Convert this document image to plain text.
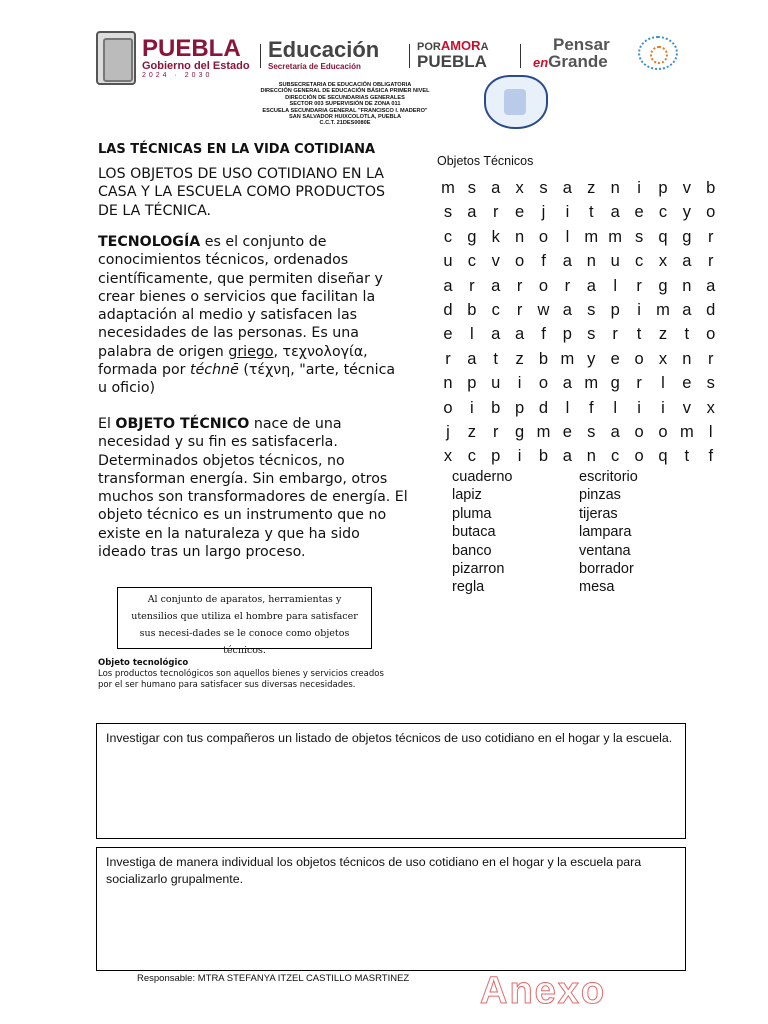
PUEBLA
Gobierno del Estado
2024 · 2030
Educación
Secretaría de Educación
PORAMORA
PUEBLA
Pensar
enGrande
SUBSECRETARIA DE EDUCACIÓN OBLIGATORIA
DIRECCIÓN GENERAL DE EDUCACIÓN BÁSICA PRIMER NIVEL
DIRECCIÓN DE SECUNDARIAS GENERALES
SECTOR 003 SUPERVISIÓN DE ZONA 011
ESCUELA SECUNDARIA GENERAL "FRANCISCO I. MADERO"
SAN SALVADOR HUIXCOLOTLA, PUEBLA
C.C.T. 21DES0080E
LAS TÉCNICAS EN LA VIDA COTIDIANA
LOS OBJETOS DE USO COTIDIANO EN LA CASA Y LA ESCUELA COMO PRODUCTOS DE LA TÉCNICA.
TECNOLOGÍA es el conjunto de conocimientos técnicos, ordenados científicamente, que permiten diseñar y crear bienes o servicios que facilitan la adaptación al medio y satisfacen las necesidades de las personas. Es una palabra de origen griego, τεχνολογία, formada por téchnē (τέχνη, "arte, técnica u oficio)
El OBJETO TÉCNICO nace de una necesidad y su fin es satisfacerla. Determinados objetos técnicos, no transforman energía. Sin embargo, otros muchos son transformadores de energía. El objeto técnico es un instrumento que no existe en la naturaleza y que ha sido ideado tras un largo proceso.
Al conjunto de aparatos, herramientas y utensilios que utiliza el hombre para satisfacer sus necesi-dades se le conoce como objetos técnicos.
Objeto tecnológico
Los productos tecnológicos son aquellos bienes y servicios creados por el ser humano para satisfacer sus diversas necesidades.
Objetos Técnicos
m s a x s a z n	i	p v b
s a	r	e	j	i	t	a e c y o
c g k n o	l m m s q g	r
u c v o	f	a n u c x a	r
a	r	a	r	o	r	a	l	r	g n a
d b c	r w a s p	i m a d
e	l	a a	f	p s	r	t	z	t	o
r	a	t	z b m y e o x n	r
n p u	i	o a m g	r	l	e s
o	i	b p d	l	f	l	i	i	v x
j	z	r	g m e s a o o m l
x c p	i	b a n c o q	t	f
cuaderno
lapiz
pluma
butaca
banco
pizarron
regla
escritorio
pinzas
tijeras
lampara
ventana
borrador
mesa
Investigar con tus compañeros un listado de objetos técnicos de uso cotidiano en el hogar y la escuela.
Investiga de manera individual los objetos técnicos de uso cotidiano en el hogar y la escuela para socializarlo grupalmente.
Responsable: MTRA STEFANYA ITZEL CASTILLO MASRTINEZ Anexo
